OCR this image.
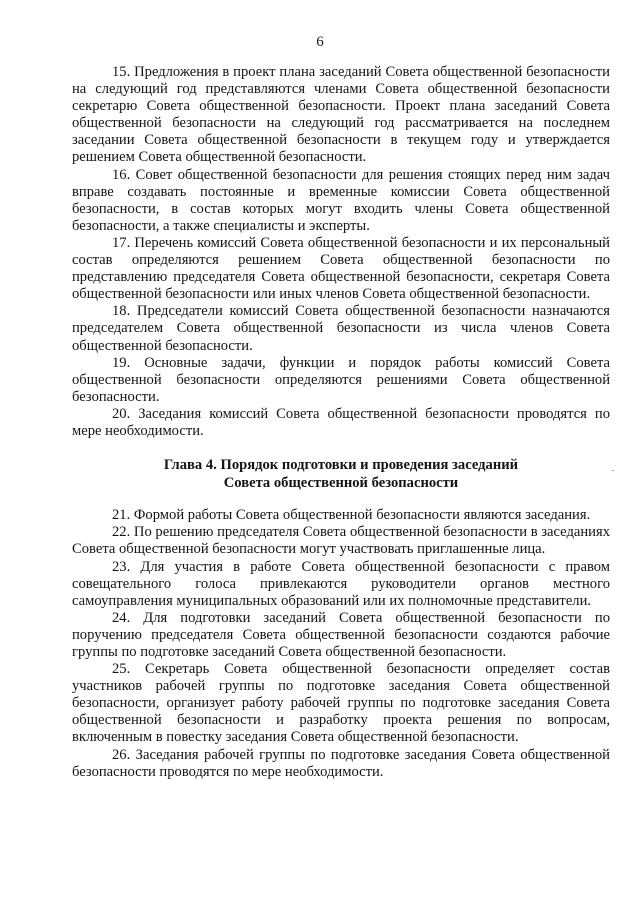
6

15. Предложения в проект плана заседаний Совета общественной безопасности на следующий год представляются членами Совета общественной безопасности секретарю Совета общественной безопасности. Проект плана заседаний Совета общественной безопасности на следующий год рассматривается на последнем заседании Совета общественной безопасности в текущем году и утверждается решением Совета общественной безопасности.

16. Совет общественной безопасности для решения стоящих перед ним задач вправе создавать постоянные и временные комиссии Совета общественной безопасности, в состав которых могут входить члены Совета общественной безопасности, а также специалисты и эксперты.

17. Перечень комиссий Совета общественной безопасности и их персональный состав определяются решением Совета общественной безопасности по представлению председателя Совета общественной безопасности, секретаря Совета общественной безопасности или иных членов Совета общественной безопасности.

18. Председатели комиссий Совета общественной безопасности назначаются председателем Совета общественной безопасности из числа членов Совета общественной безопасности.

19. Основные задачи, функции и порядок работы комиссий Совета общественной безопасности определяются решениями Совета общественной безопасности.

20. Заседания комиссий Совета общественной безопасности проводятся по мере необходимости.

Глава 4. Порядок подготовки и проведения заседаний

Совета общественной безопасности

21. Формой работы Совета общественной безопасности являются заседания.

22. По решению председателя Совета общественной безопасности в заседаниях Совета общественной безопасности могут участвовать приглашенные лица.

23. Для участия в работе Совета общественной безопасности с правом совещательного голоса привлекаются руководители органов местного самоуправления муниципальных образований или их полномочные представители.

24. Для подготовки заседаний Совета общественной безопасности по поручению председателя Совета общественной безопасности создаются рабочие группы по подготовке заседаний Совета общественной безопасности.

25. Секретарь Совета общественной безопасности определяет состав участников рабочей группы по подготовке заседания Совета общественной безопасности, организует работу рабочей группы по подготовке заседания Совета общественной безопасности и разработку проекта решения по вопросам, включенным в повестку заседания Совета общественной безопасности.

26. Заседания рабочей группы по подготовке заседания Совета общественной безопасности проводятся по мере необходимости.
